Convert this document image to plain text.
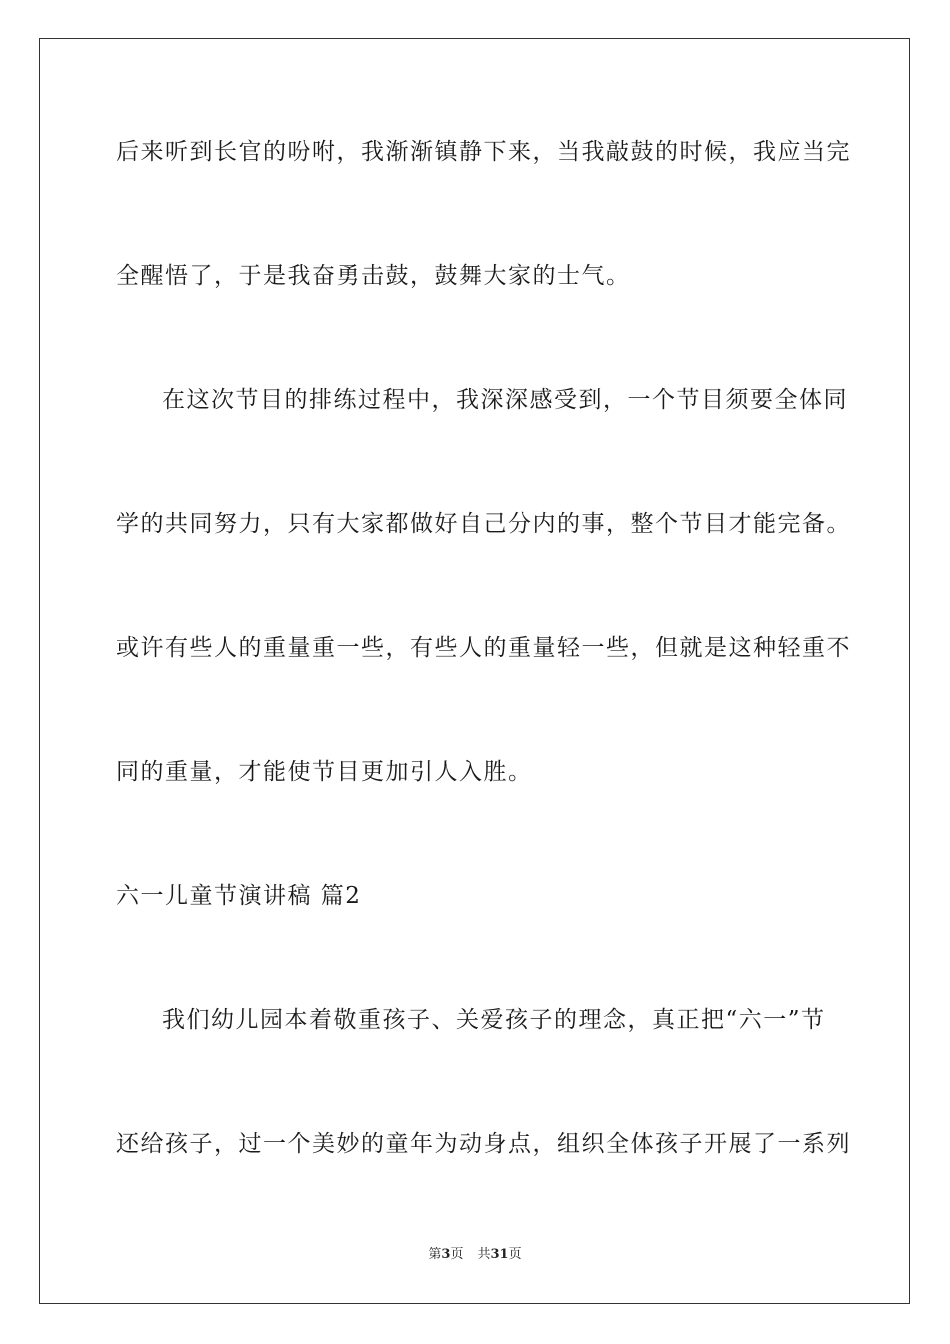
后来听到长官的吩咐，我渐渐镇静下来，当我敲鼓的时候，我应当完
全醒悟了，于是我奋勇击鼓，鼓舞大家的士气。
在这次节目的排练过程中，我深深感受到，一个节目须要全体同
学的共同努力，只有大家都做好自己分内的事，整个节目才能完备。
或许有些人的重量重一些，有些人的重量轻一些，但就是这种轻重不
同的重量，才能使节目更加引人入胜。
六一儿童节演讲稿 篇2
我们幼儿园本着敬重孩子、关爱孩子的理念，真正把“六一”节
还给孩子，过一个美妙的童年为动身点，组织全体孩子开展了一系列
第3页 共31页
